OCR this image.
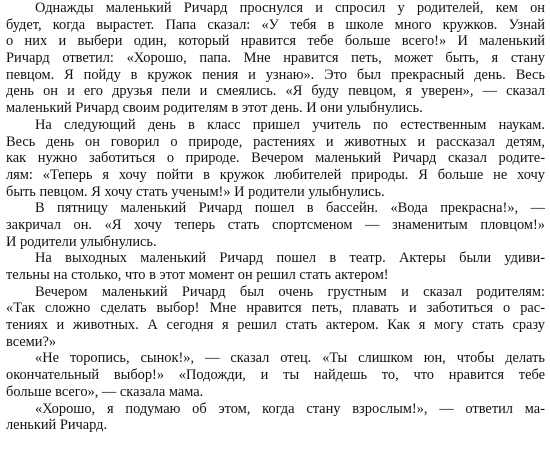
Однажды маленький Ричард проснулся и спросил у родителей, кем он
будет, когда вырастет. Папа сказал: «У тебя в школе много кружков. Узнай
о них и выбери один, который нравится тебе больше всего!» И маленький
Ричард ответил: «Хорошо, папа. Мне нравится петь, может быть, я стану
певцом. Я пойду в кружок пения и узнаю». Это был прекрасный день. Весь
день он и его друзья пели и смеялись. «Я буду певцом, я уверен», — сказал
маленький Ричард своим родителям в этот день. И они улыбнулись.
На следующий день в класс пришел учитель по естественным наукам.
Весь день он говорил о природе, растениях и животных и рассказал детям,
как нужно заботиться о природе. Вечером маленький Ричард сказал родите-
лям: «Теперь я хочу пойти в кружок любителей природы. Я больше не хочу
быть певцом. Я хочу стать ученым!» И родители улыбнулись.
В пятницу маленький Ричард пошел в бассейн. «Вода прекрасна!», —
закричал он. «Я хочу теперь стать спортсменом — знаменитым пловцом!»
И родители улыбнулись.
На выходных маленький Ричард пошел в театр. Актеры были удиви-
тельны на столько, что в этот момент он решил стать актером!
Вечером маленький Ричард был очень грустным и сказал родителям:
«Так сложно сделать выбор! Мне нравится петь, плавать и заботиться о рас-
тениях и животных. А сегодня я решил стать актером. Как я могу стать сразу
всеми?»
«Не торопись, сынок!», — сказал отец. «Ты слишком юн, чтобы делать
окончательный выбор!» «Подожди, и ты найдешь то, что нравится тебе
больше всего», — сказала мама.
«Хорошо, я подумаю об этом, когда стану взрослым!», — ответил ма-
ленький Ричард.
